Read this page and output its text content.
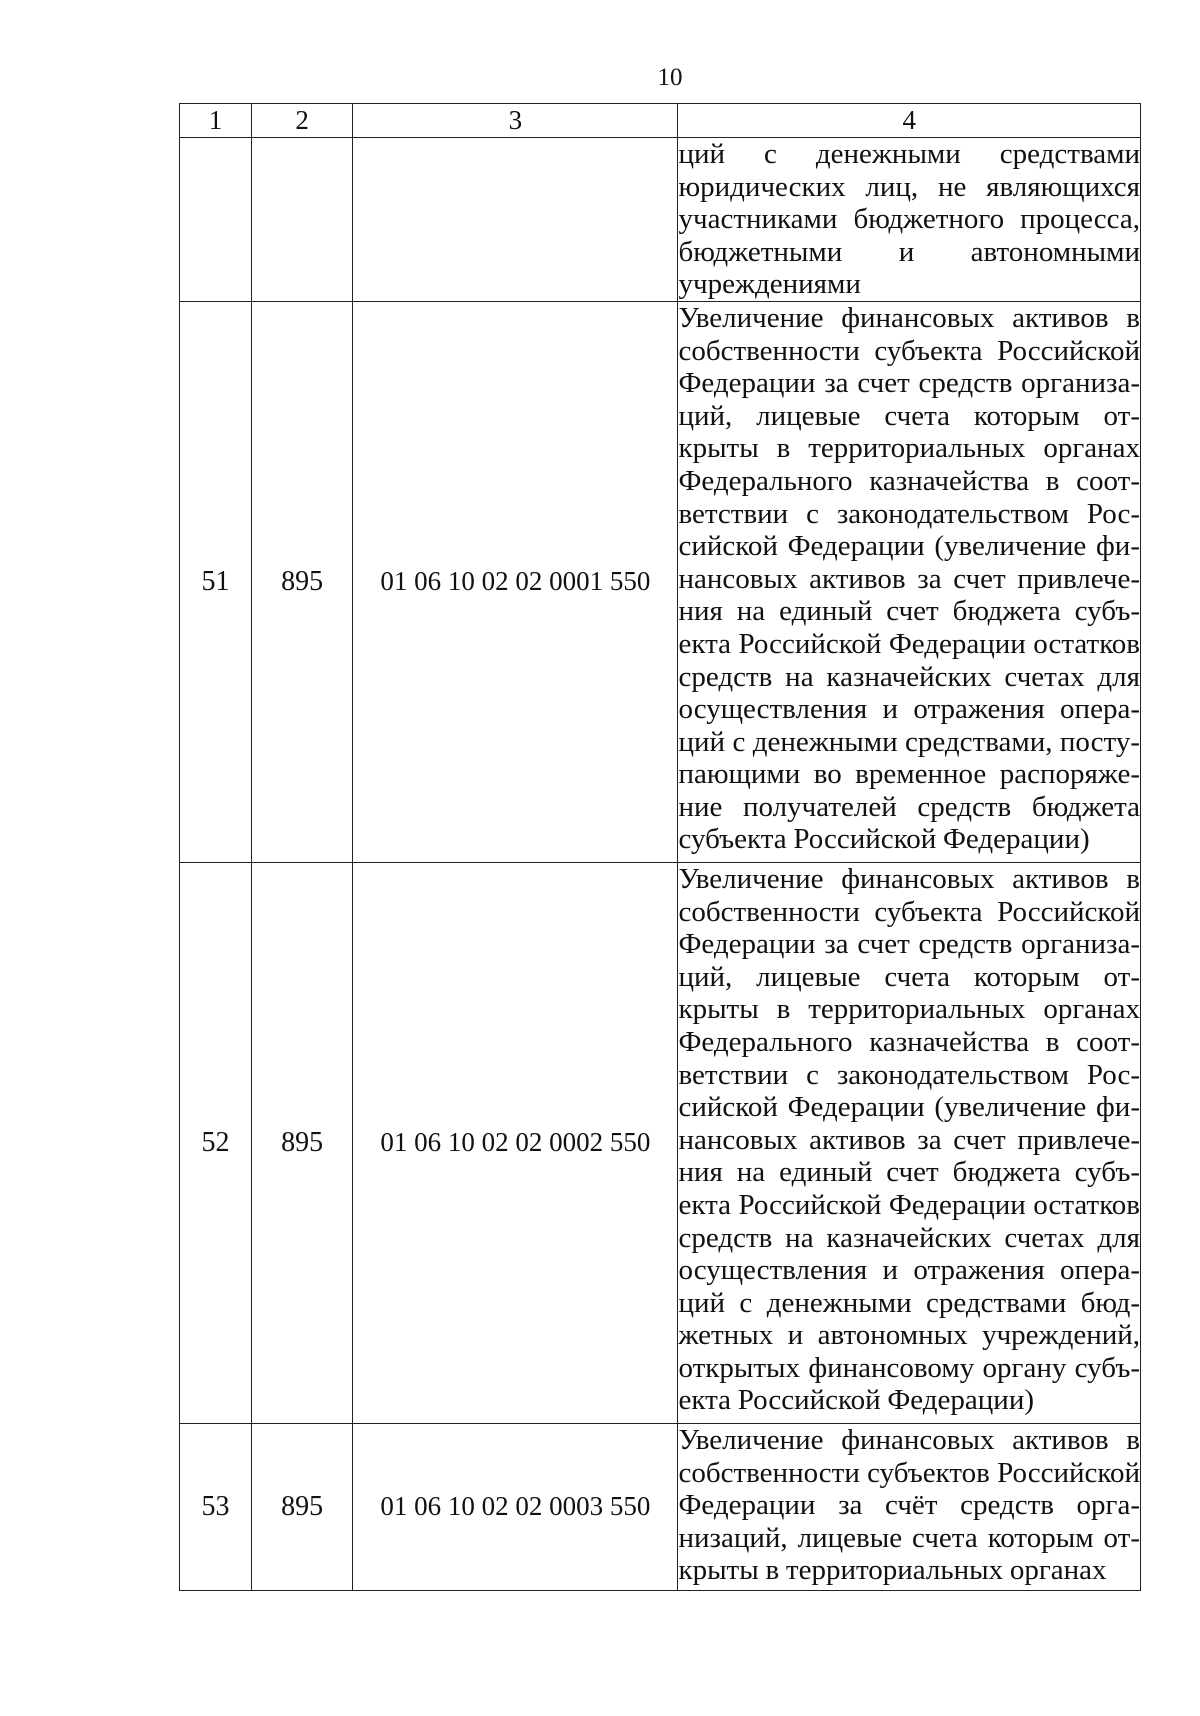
10
1	2	3	4

			ций с денежными средствами юридических лиц, не являющихся участниками бюджетного процесса, бюджетными и автономными учреждениями

51	895	01 06 10 02 02 0001 550	Увеличение финансовых активов в собственности субъекта Российской Федерации за счет средств организаций, лицевые счета которым открыты в территориальных органах Федерального казначейства в соответствии с законодательством Российской Федерации (увеличение финансовых активов за счет привлечения на единый счет бюджета субъекта Российской Федерации остатков средств на казначейских счетах для осуществления и отражения операций с денежными средствами, поступающими во временное распоряжение получателей средств бюджета субъекта Российской Федерации)

52	895	01 06 10 02 02 0002 550	Увеличение финансовых активов в собственности субъекта Российской Федерации за счет средств организаций, лицевые счета которым открыты в территориальных органах Федерального казначейства в соответствии с законодательством Российской Федерации (увеличение финансовых активов за счет привлечения на единый счет бюджета субъекта Российской Федерации остатков средств на казначейских счетах для осуществления и отражения операций с денежными средствами бюджетных и автономных учреждений, открытых финансовому органу субъекта Российской Федерации)

53	895	01 06 10 02 02 0003 550	Увеличение финансовых активов в собственности субъектов Российской Федерации за счёт средств организаций, лицевые счета которым открыты в территориальных органах
